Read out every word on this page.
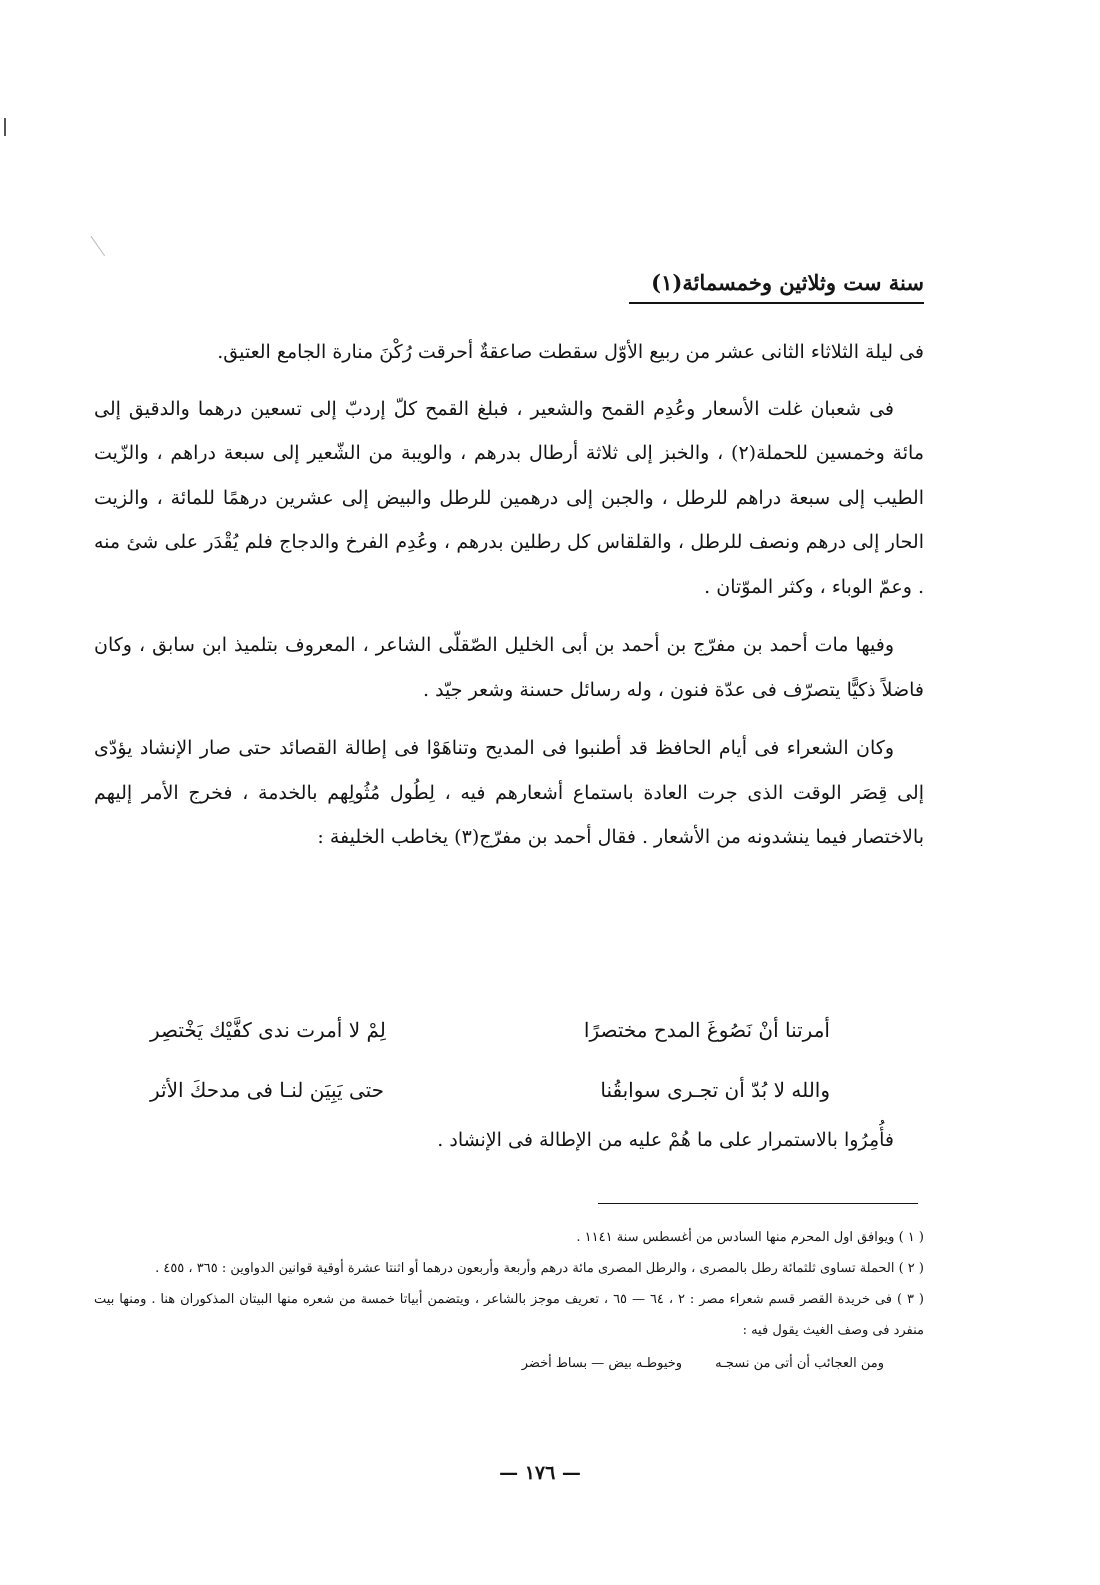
سنة ست وثلاثين وخمسمائة(١)

فى ليلة الثلاثاء الثانى عشر من ربيع الأوّل سقطت صاعقةٌ أحرقت رُكْنَ منارة الجامع العتيق.

فى شعبان غلت الأسعار وعُدِم القمح والشعير ، فبلغ القمح كلّ إردبّ إلى تسعين درهما والدقيق إلى مائة وخمسين للحملة(٢) ، والخبز إلى ثلاثة أرطال بدرهم ، والويبة من الشّعير إلى سبعة دراهم ، والزّيت الطيب إلى سبعة دراهم للرطل ، والجبن إلى درهمين للرطل والبيض إلى عشرين درهمًا للمائة ، والزيت الحار إلى درهم ونصف للرطل ، والقلقاس كل رطلين بدرهم ، وعُدِم الفرخ والدجاج فلم يُقْدَر على شئ منه . وعمّ الوباء ، وكثر الموّتان .

وفيها مات أحمد بن مفرّج بن أحمد بن أبى الخليل الصّقلّى الشاعر ، المعروف بتلميذ ابن سابق ، وكان فاضلاً ذكيًّا يتصرّف فى عدّة فنون ، وله رسائل حسنة وشعر جيّد .

وكان الشعراء فى أيام الحافظ قد أطنبوا فى المديح وتناهَوْا فى إطالة القصائد حتى صار الإنشاد يؤدّى إلى قِصَر الوقت الذى جرت العادة باستماع أشعارهم فيه ، لِطُول مُثُولِهم بالخدمة ، فخرج الأمر إليهم بالاختصار فيما ينشدونه من الأشعار . فقال أحمد بن مفرّج(٣) يخاطب الخليفة :

أمرتنا أنْ نَصُوغَ المدح مختصرًا
لِمْ لا أمرت ندى كفَّيْك يَخْتصِر
والله لا بُدّ أن تجـرى سوابقُنا
حتى يَبِيَن لنـا فى مدحكَ الأثر
فأُمِرُوا بالاستمرار على ما هُمْ عليه من الإطالة فى الإنشاد .

( ١ ) ويوافق اول المحرم منها السادس من أغسطس سنة ١١٤١ .

( ٢ ) الحملة تساوى ثلثمائة رطل بالمصرى ، والرطل المصرى مائة درهم وأربعة وأربعون درهما أو اثنتا عشرة أوقية قوانين الدواوين : ٣٦٥ ، ٤٥٥ .

( ٣ ) فى خريدة القصر قسم شعراء مصر : ٢ ، ٦٤ — ٦٥ ، تعريف موجز بالشاعر ، ويتضمن أبياتا خمسة من شعره منها البيتان المذكوران هنا . ومنها بيت منفرد فى وصف الغيث يقول فيه :

ومن العجائب أن أتى من نسجـه        وخيوطـه بيض — بساط أخضر
— ١٧٦ —
